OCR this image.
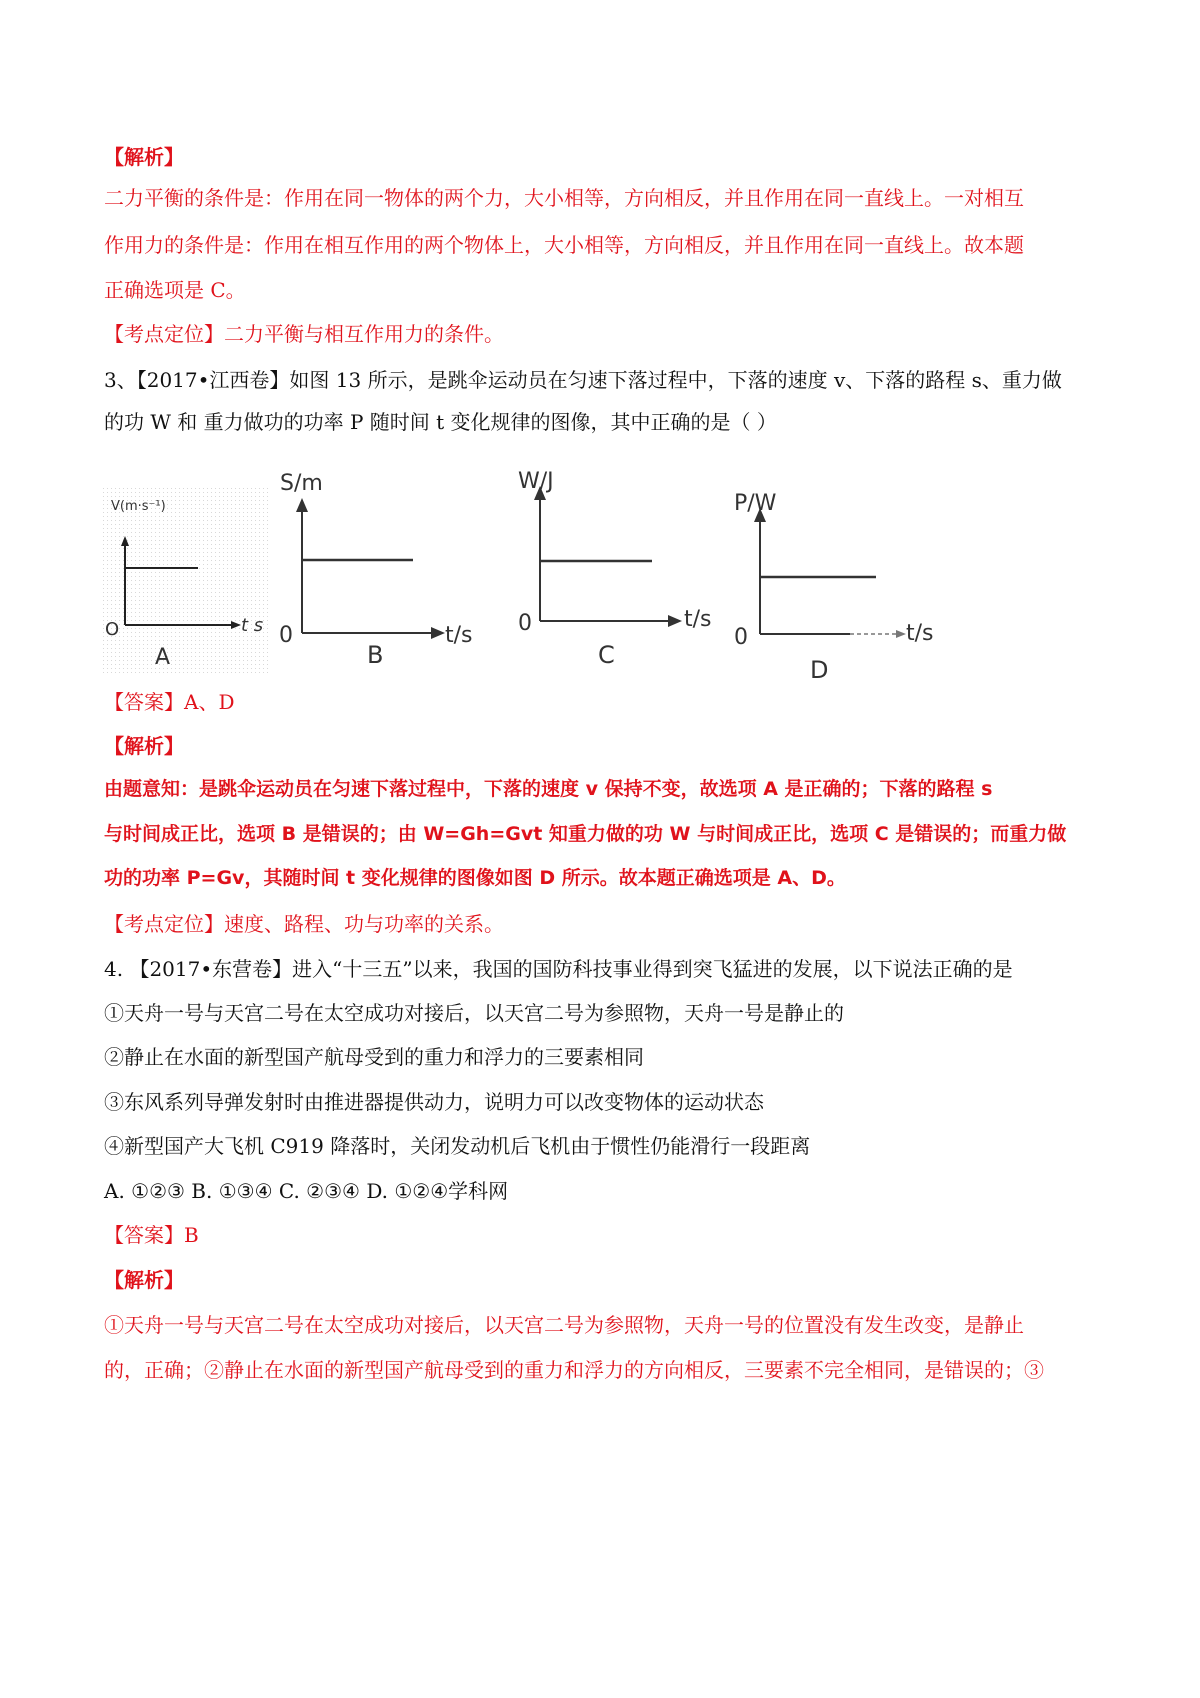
【解析】
二力平衡的条件是：作用在同一物体的两个力，大小相等，方向相反，并且作用在同一直线上。一对相互
作用力的条件是：作用在相互作用的两个物体上，大小相等，方向相反，并且作用在同一直线上。故本题
正确选项是 C。
【考点定位】二力平衡与相互作用力的条件。
3、【2017•江西卷】如图 13 所示，是跳伞运动员在匀速下落过程中，下落的速度 v、下落的路程 s、重力做
的功 W 和 重力做功的功率 P 随时间 t 变化规律的图像，其中正确的是（ ）
V(m·s⁻¹)
O	t s
A
S/m
0	t/s
B
W/J
0	t/s
C
P/W
0	t/s
D
【答案】A、D
【解析】
由题意知：是跳伞运动员在匀速下落过程中，下落的速度 v 保持不变，故选项 A 是正确的；下落的路程 s
与时间成正比，选项 B 是错误的；由 W=Gh=Gvt 知重力做的功 W 与时间成正比，选项 C 是错误的；而重力做
功的功率 P=Gv，其随时间 t 变化规律的图像如图 D 所示。故本题正确选项是 A、D。
【考点定位】速度、路程、功与功率的关系。
4. 【2017•东营卷】进入“十三五”以来，我国的国防科技事业得到突飞猛进的发展，以下说法正确的是
①天舟一号与天宫二号在太空成功对接后，以天宫二号为参照物，天舟一号是静止的
②静止在水面的新型国产航母受到的重力和浮力的三要素相同
③东风系列导弹发射时由推进器提供动力，说明力可以改变物体的运动状态
④新型国产大飞机 C919 降落时，关闭发动机后飞机由于惯性仍能滑行一段距离
A. ①②③ B. ①③④ C. ②③④ D. ①②④学科网
【答案】B
【解析】
①天舟一号与天宫二号在太空成功对接后，以天宫二号为参照物，天舟一号的位置没有发生改变，是静止
的，正确；②静止在水面的新型国产航母受到的重力和浮力的方向相反，三要素不完全相同，是错误的；③
